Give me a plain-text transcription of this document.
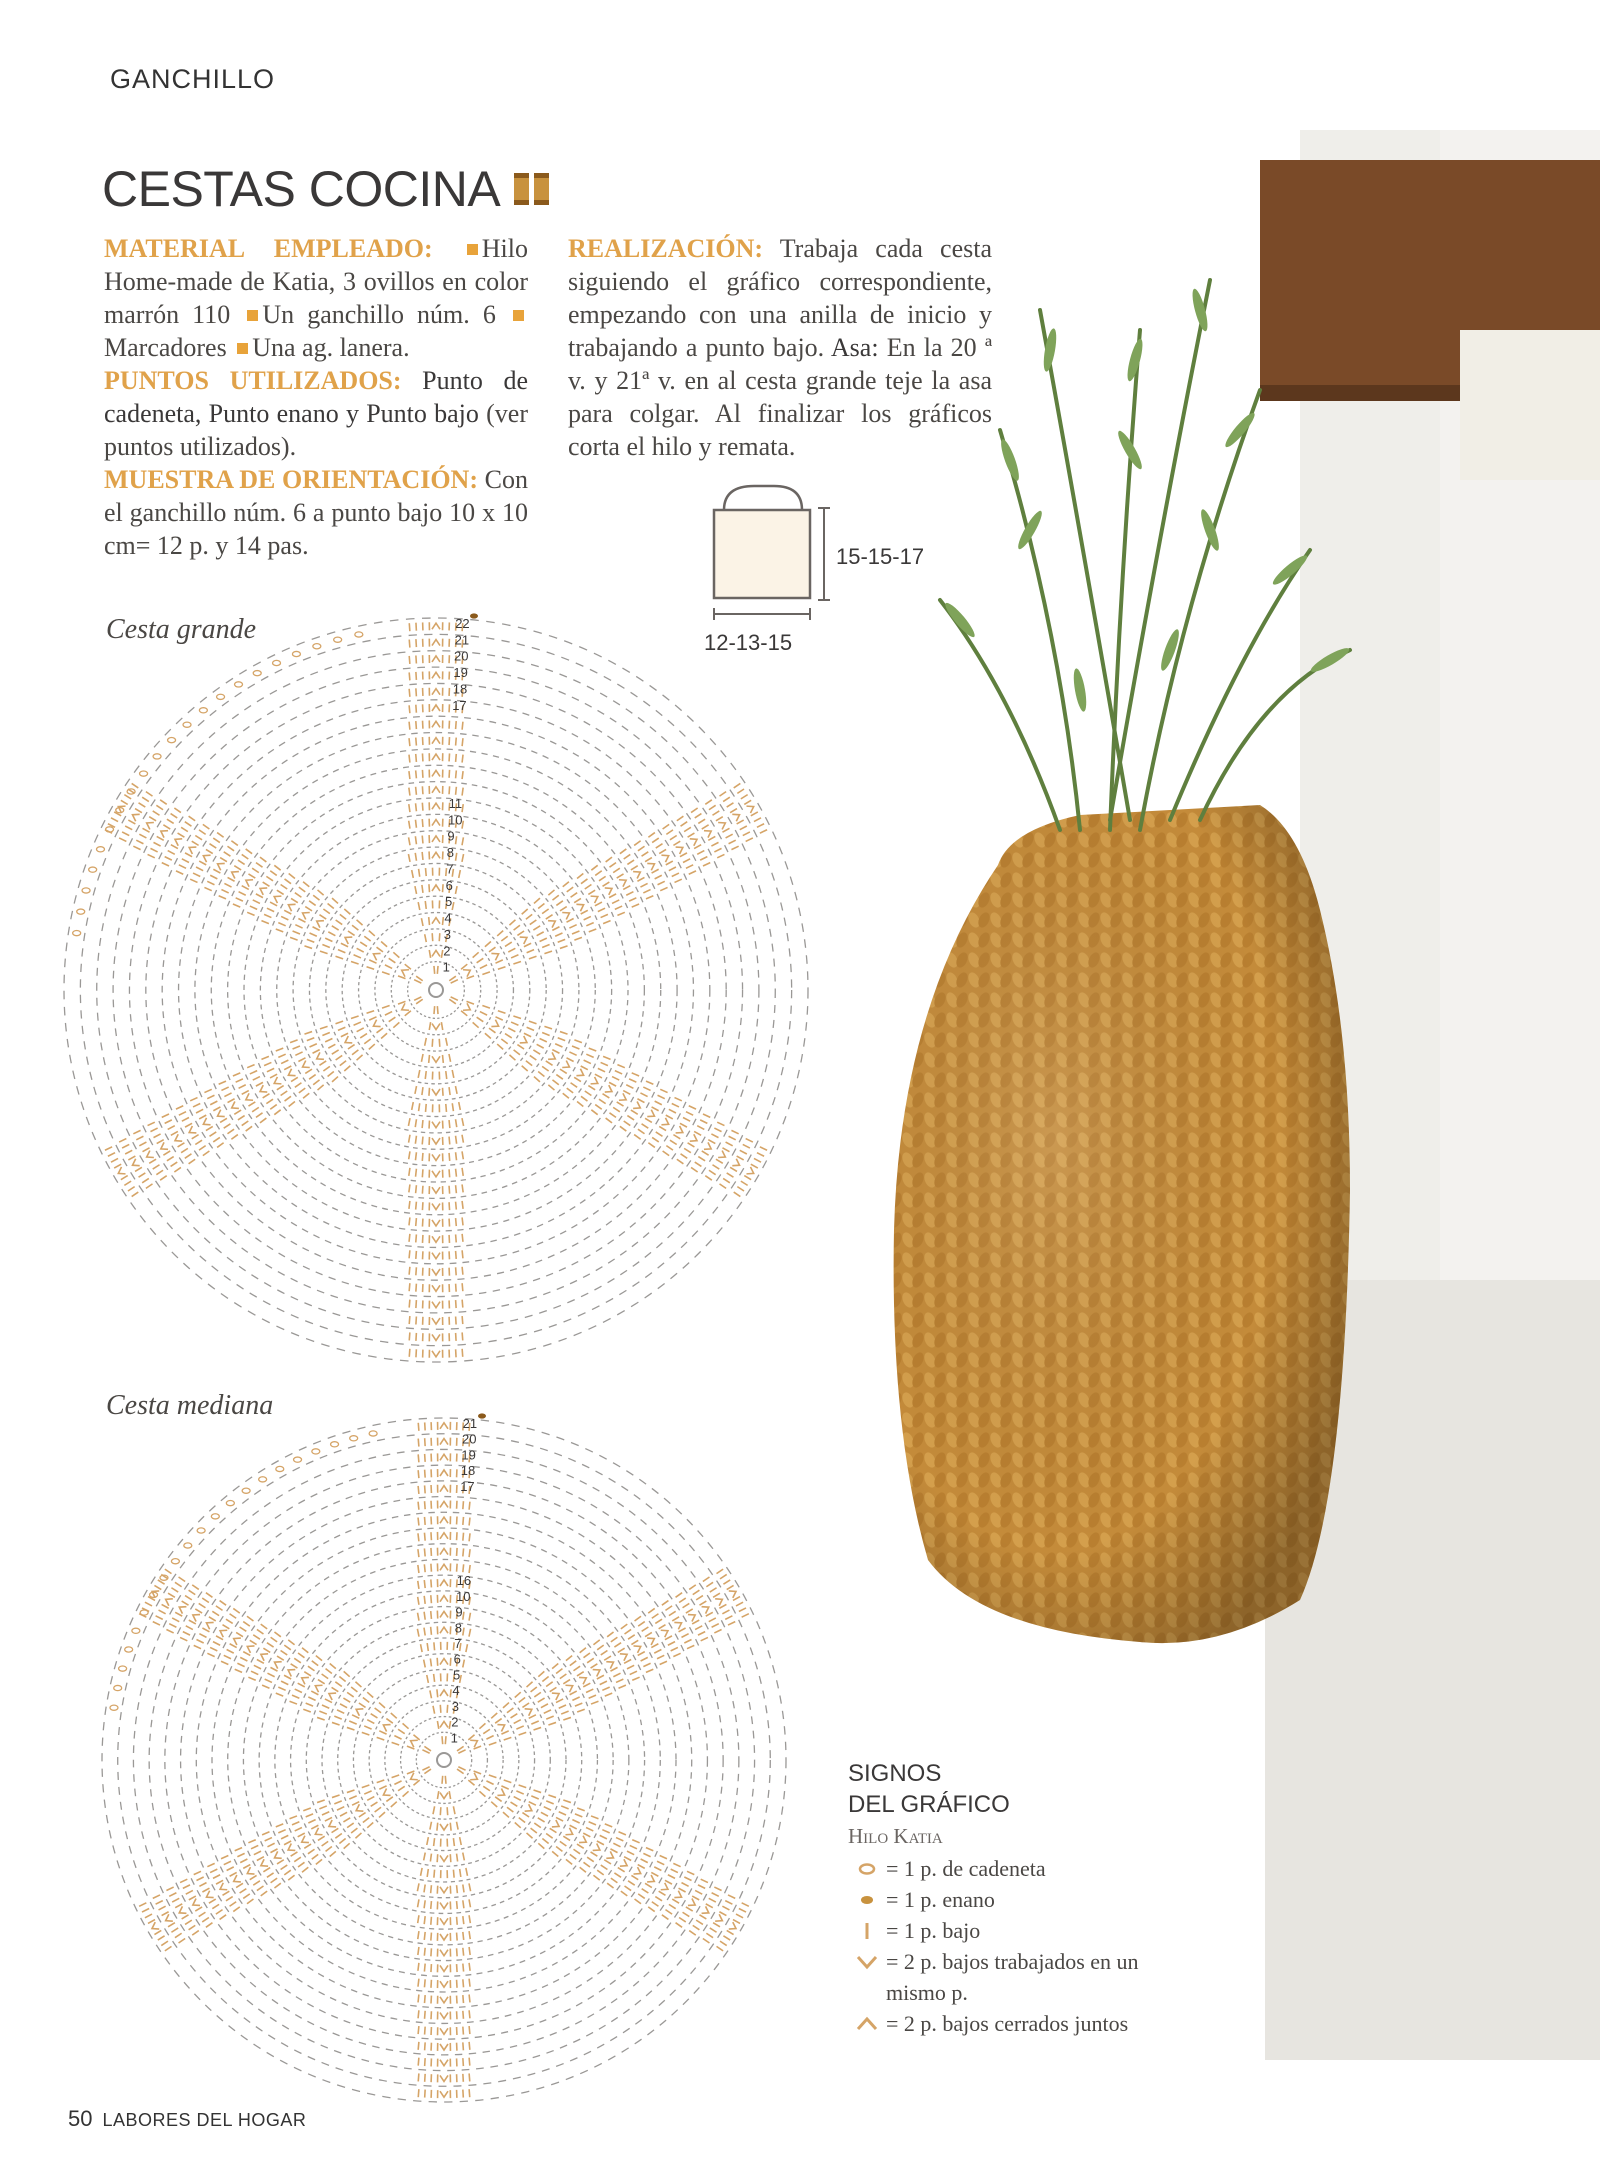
GANCHILLO
CESTAS COCINA
MATERIAL EMPLEADO: Hilo Home-made de Katia, 3 ovillos en color marrón 110 Un ganchillo núm. 6 Marcadores Una ag. lanera.
PUNTOS UTILIZADOS: Punto de cadeneta, Punto enano y Punto bajo (ver puntos utilizados).
MUESTRA DE ORIENTACIÓN: Con el ganchillo núm. 6 a punto bajo 10 x 10 cm= 12 p. y 14 pas.
REALIZACIÓN: Trabaja cada cesta siguiendo el gráfico correspondiente, empezando con una anilla de inicio y trabajando a punto bajo. Asa: En la 20 ª v. y 21ª v. en al cesta grande teje la asa para colgar. Al finalizar los gráficos corta el hilo y remata.
15-15-17
12-13-15
Cesta grande
1
2
3
4
5
6
7
8
9
10
11
17
18
19
20
21
22
Cesta mediana
1
2
3
4
5
6
7
8
9
10
16
17
18
19
20
21
SIGNOS
DEL GRÁFICO
Hilo Katia
= 1 p. de cadeneta
= 1 p. enano
= 1 p. bajo
= 2 p. bajos trabajados en un mismo p.
= 2 p. bajos cerrados juntos
50 LABORES DEL HOGAR
